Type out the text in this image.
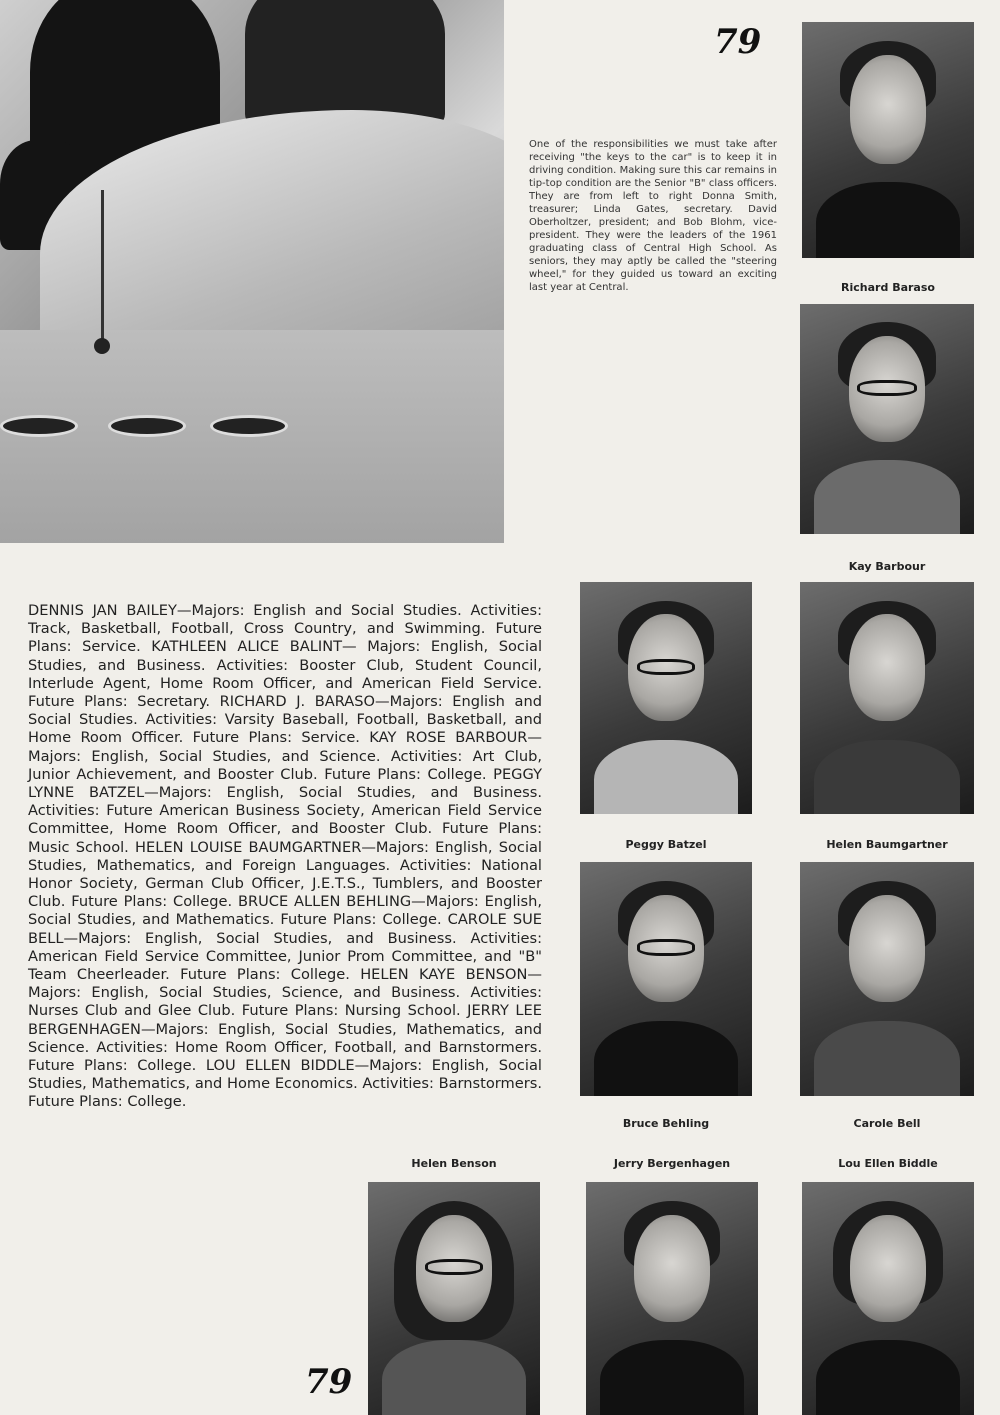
79
One of the responsibilities we must take after receiving "the keys to the car" is to keep it in driving condition. Making sure this car remains in tip-top condition are the Senior "B" class officers. They are from left to right Donna Smith, treasurer; Linda Gates, secretary. David Oberholtzer, president; and Bob Blohm, vice-president. They were the leaders of the 1961 graduating class of Central High School. As seniors, they may aptly be called the "steering wheel," for they guided us toward an exciting last year at Central.	Richard Baraso
Kay Barbour
Peggy Batzel	Helen Baumgartner
Bruce Behling	Carole Bell
Helen Benson	Jerry Bergenhagen	Lou Ellen Biddle
DENNIS JAN BAILEY—Majors: English and Social Studies. Activities: Track, Basketball, Football, Cross Country, and Swimming. Future Plans: Service. KATHLEEN ALICE BALINT— Majors: English, Social Studies, and Business. Activities: Booster Club, Student Council, Interlude Agent, Home Room Officer, and American Field Service. Future Plans: Secretary. RICHARD J. BARASO—Majors: English and Social Studies. Activities: Varsity Baseball, Football, Basketball, and Home Room Officer. Future Plans: Service. KAY ROSE BARBOUR—Majors: English, Social Studies, and Science. Activities: Art Club, Junior Achievement, and Booster Club. Future Plans: College. PEGGY LYNNE BATZEL—Majors: English, Social Studies, and Business. Activities: Future American Business Society, American Field Service Committee, Home Room Officer, and Booster Club. Future Plans: Music School. HELEN LOUISE BAUMGARTNER—Majors: English, Social Studies, Mathematics, and Foreign Languages. Activities: National Honor Society, German Club Officer, J.E.T.S., Tumblers, and Booster Club. Future Plans: College. BRUCE ALLEN BEHLING—Majors: English, Social Studies, and Mathematics. Future Plans: College. CAROLE SUE BELL—Majors: English, Social Studies, and Business. Activities: American Field Service Committee, Junior Prom Committee, and "B" Team Cheerleader. Future Plans: College. HELEN KAYE BENSON—Majors: English, Social Studies, Science, and Business. Activities: Nurses Club and Glee Club. Future Plans: Nursing School. JERRY LEE BERGENHAGEN—Majors: English, Social Studies, Mathematics, and Science. Activities: Home Room Officer, Football, and Barnstormers. Future Plans: College. LOU ELLEN BIDDLE—Majors: English, Social Studies, Mathematics, and Home Economics. Activities: Barnstormers. Future Plans: College.
79
